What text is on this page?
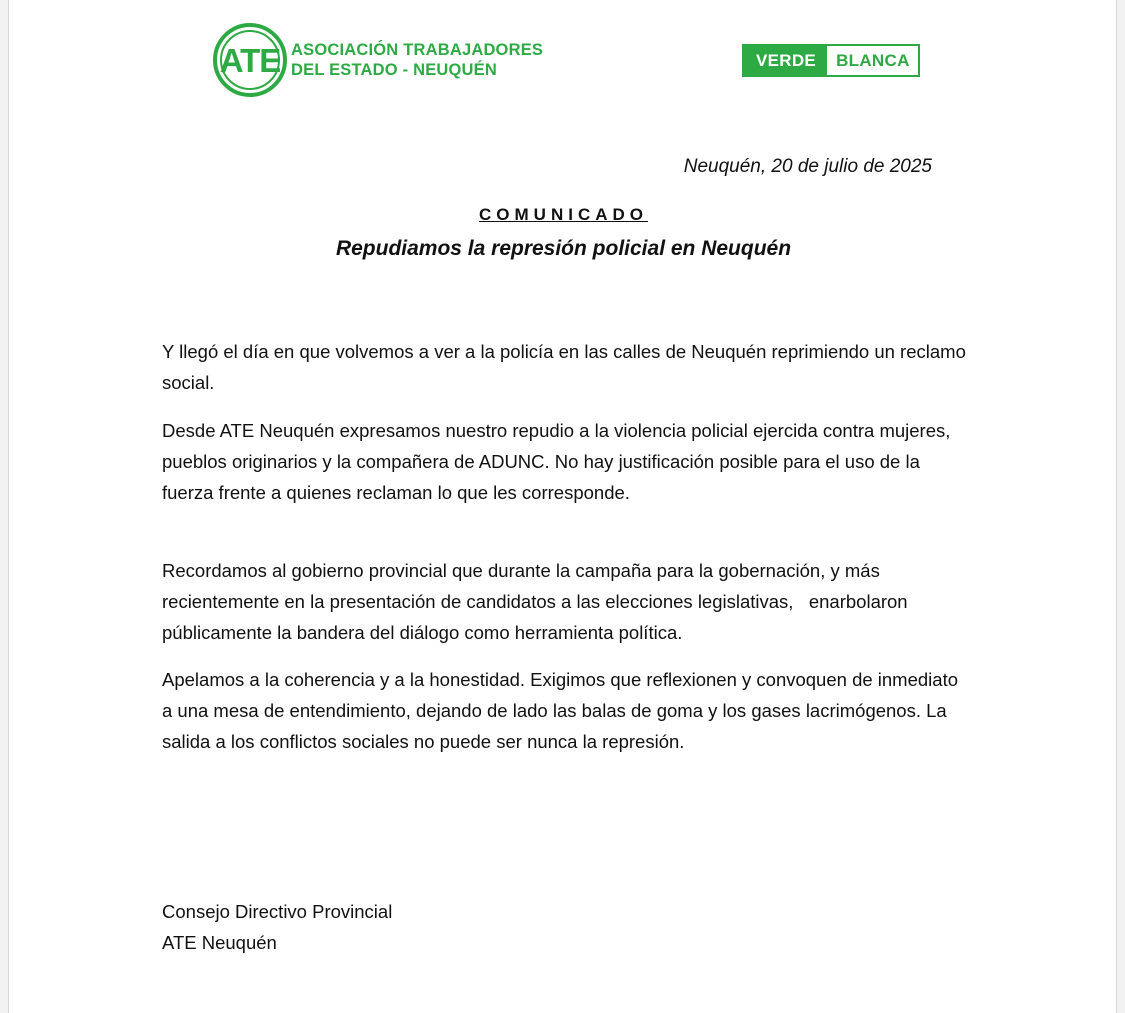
ATE ASOCIACIÓN TRABAJADORES
DEL ESTADO - NEUQUÉN	VERDE	BLANCA
Neuquén, 20 de julio de 2025
COMUNICADO
Repudiamos la represión policial en Neuquén

Y llegó el día en que volvemos a ver a la policía en las calles de Neuquén reprimiendo un reclamo social.

Desde ATE Neuquén expresamos nuestro repudio a la violencia policial ejercida contra mujeres, pueblos originarios y la compañera de ADUNC. No hay justificación posible para el uso de la fuerza frente a quienes reclaman lo que les corresponde.

Recordamos al gobierno provincial que durante la campaña para la gobernación, y más recientemente en la presentación de candidatos a las elecciones legislativas,   enarbolaron públicamente la bandera del diálogo como herramienta política.

Apelamos a la coherencia y a la honestidad. Exigimos que reflexionen y convoquen de inmediato a una mesa de entendimiento, dejando de lado las balas de goma y los gases lacrimógenos. La salida a los conflictos sociales no puede ser nunca la represión.

Consejo Directivo Provincial
ATE Neuquén
